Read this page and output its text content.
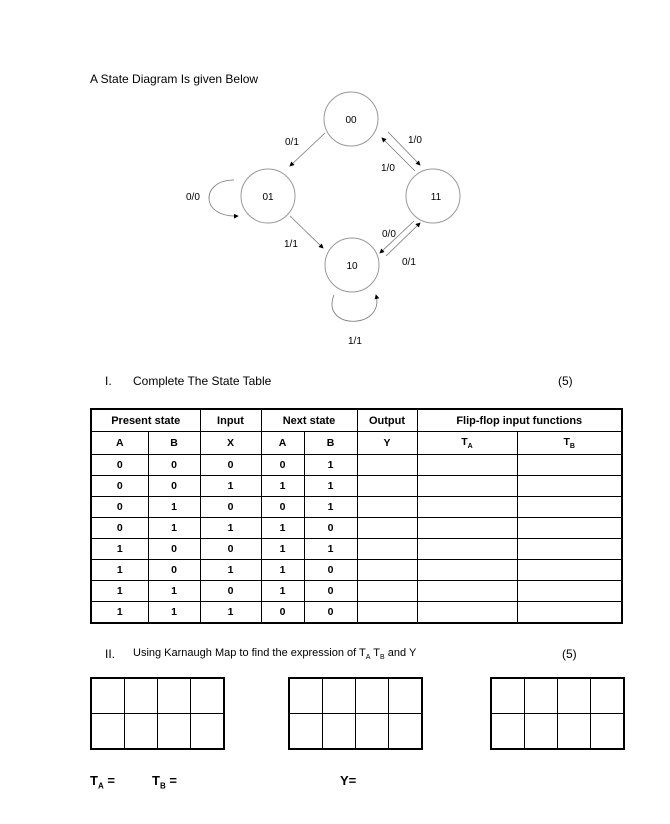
A State Diagram Is given Below
00
01	11
10
0/1
0/0
1/0
1/0
1/1
0/1
0/0
1/1
I. Complete The State Table	(5)
Present state		Input	Next state		Output	Flip-flop input functions	
A	B	X	A	B	Y	$T_A$	$T_B$
0	0	0	0	1			
0	0	1	1	1			
0	1	0	0	1			
0	1	1	1	0			
1	0	0	1	1			
1	0	1	1	0			
1	1	0	1	0			
1	1	1	0	0			
II. Using Karnaugh Map to find the expression of $T_A$ $T_B$ and Y	(5)

$T_A$ =	$T_B$ =	Y=
